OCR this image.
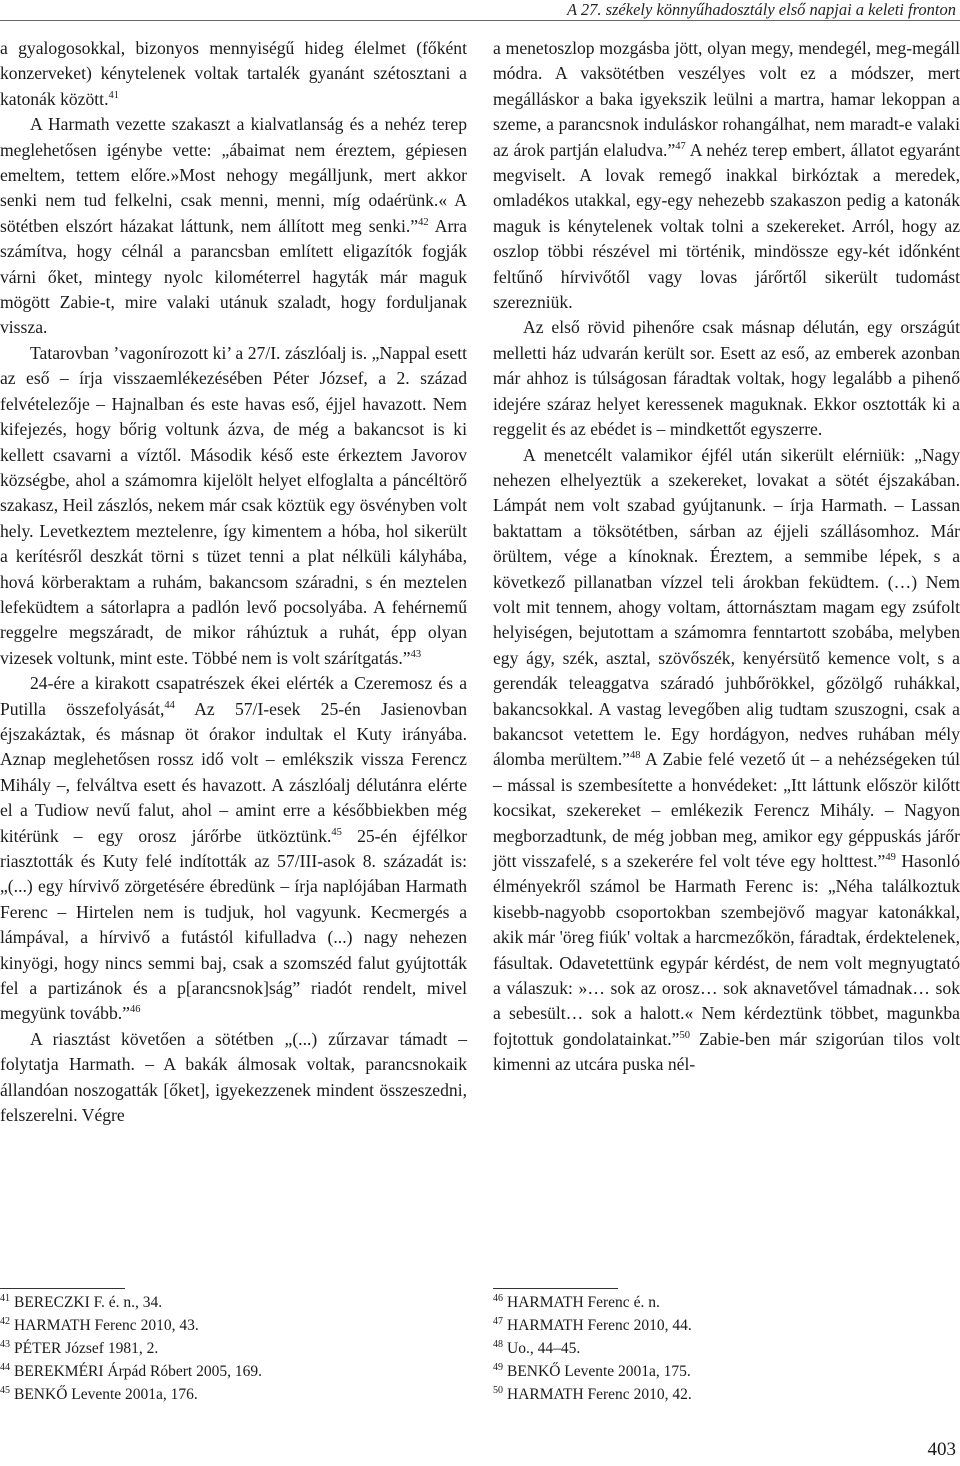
A 27. székely könnyűhadosztály első napjai a keleti fronton

a gyalogosokkal, bizonyos mennyiségű hideg élelmet (főként konzerveket) kénytelenek voltak tartalék gyanánt szétosztani a katonák között.$^{41}$

A Harmath vezette szakaszt a kialvatlanság és a nehéz terep meglehetősen igénybe vette: „ábaimat nem éreztem, gépiesen emeltem, tettem előre.»Most nehogy megálljunk, mert akkor senki nem tud felkelni, csak menni, menni, míg odaérünk.« A sötétben elszórt házakat láttunk, nem állított meg senki.”$^{42}$ Arra számítva, hogy célnál a parancsban említett eligazítók fogják várni őket, mintegy nyolc kilométerrel hagyták már maguk mögött Zabie-t, mire valaki utánuk szaladt, hogy forduljanak vissza.

Tatarovban ’vagonírozott ki’ a 27/I. zászlóalj is. „Nappal esett az eső – írja visszaemlékezésében Péter József, a 2. század felvételezője – Hajnalban és este havas eső, éjjel havazott. Nem kifejezés, hogy bőrig voltunk ázva, de még a bakancsot is ki kellett csavarni a víztől. Második késő este érkeztem Javorov községbe, ahol a számomra kijelölt helyet elfoglalta a páncéltörő szakasz, Heil zászlós, nekem már csak köztük egy ösvényben volt hely. Levetkeztem meztelenre, így kimentem a hóba, hol sikerült a kerítésről deszkát törni s tüzet tenni a plat nélküli kályhába, hová körberaktam a ruhám, bakancsom száradni, s én meztelen lefeküdtem a sátorlapra a padlón levő pocsolyába. A fehérnemű reggelre megszáradt, de mikor ráhúztuk a ruhát, épp olyan vizesek voltunk, mint este. Többé nem is volt szárítgatás.”$^{43}$

24-ére a kirakott csapatrészek ékei elérték a Czeremosz és a Putilla összefolyását,$^{44}$ Az 57/I-esek 25-én Jasienovban éjszakáztak, és másnap öt órakor indultak el Kuty irányába. Aznap meglehetősen rossz idő volt – emlékszik vissza Ferencz Mihály –, felváltva esett és havazott. A zászlóalj délutánra elérte el a Tudiow nevű falut, ahol – amint erre a későbbiekben még kitérünk – egy orosz járőrbe ütköztünk.$^{45}$ 25-én éjfélkor riasztották és Kuty felé indították az 57/III-asok 8. századát is: „(...) egy hírvivő zörgetésére ébredünk – írja naplójában Harmath Ferenc – Hirtelen nem is tudjuk, hol vagyunk. Kecmergés a lámpával, a hírvivő a futástól kifulladva (...) nagy nehezen kinyögi, hogy nincs semmi baj, csak a szomszéd falut gyújtották fel a partizánok és a p[arancsnok]ság” riadót rendelt, mivel megyünk tovább.”$^{46}$

A riasztást követően a sötétben „(...) zűrzavar támadt – folytatja Harmath. – A bakák álmosak voltak, parancsnokaik állandóan noszogatták [őket], igyekezzenek mindent összeszedni, felszerelni. Végre

a menetoszlop mozgásba jött, olyan megy, mendegél, meg-megáll módra. A vaksötétben veszélyes volt ez a módszer, mert megálláskor a baka igyekszik leülni a martra, hamar lekoppan a szeme, a parancsnok induláskor rohangálhat, nem maradt-e valaki az árok partján elaludva.”$^{47}$ A nehéz terep embert, állatot egyaránt megviselt. A lovak remegő inakkal birkóztak a meredek, omladékos utakkal, egy-egy nehezebb szakaszon pedig a katonák maguk is kénytelenek voltak tolni a szekereket. Arról, hogy az oszlop többi részével mi történik, mindössze egy-két időnként feltűnő hírvivőtől vagy lovas járőrtől sikerült tudomást szerezniük.

Az első rövid pihenőre csak másnap délután, egy országút melletti ház udvarán került sor. Esett az eső, az emberek azonban már ahhoz is túlságosan fáradtak voltak, hogy legalább a pihenő idejére száraz helyet keressenek maguknak. Ekkor osztották ki a reggelit és az ebédet is – mindkettőt egyszerre.

A menetcélt valamikor éjfél után sikerült elérniük: „Nagy nehezen elhelyeztük a szekereket, lovakat a sötét éjszakában. Lámpát nem volt szabad gyújtanunk. – írja Harmath. – Lassan baktattam a töksötétben, sárban az éjjeli szállásomhoz. Már örültem, vége a kínoknak. Éreztem, a semmibe lépek, s a következő pillanatban vízzel teli árokban feküdtem. (…) Nem volt mit tennem, ahogy voltam, áttornásztam magam egy zsúfolt helyiségen, bejutottam a számomra fenntartott szobába, melyben egy ágy, szék, asztal, szövőszék, kenyérsütő kemence volt, s a gerendák teleaggatva száradó juhbőrökkel, gőzölgő ruhákkal, bakancsokkal. A vastag levegőben alig tudtam szuszogni, csak a bakancsot vetettem le. Egy hordágyon, nedves ruhában mély álomba merültem.”$^{48}$ A Zabie felé vezető út – a nehézségeken túl – mással is szembesítette a honvédeket: „Itt láttunk először kilőtt kocsikat, szekereket – emlékezik Ferencz Mihály. – Nagyon megborzadtunk, de még jobban meg, amikor egy géppuskás járőr jött visszafelé, s a szekerére fel volt téve egy holttest.”$^{49}$ Hasonló élményekről számol be Harmath Ferenc is: „Néha találkoztuk kisebb-nagyobb csoportokban szembejövő magyar katonákkal, akik már 'öreg fiúk' voltak a harcmezőkön, fáradtak, érdektelenek, fásultak. Odavetettünk egypár kérdést, de nem volt megnyugtató a válaszuk: »… sok az orosz… sok aknavetővel támadnak… sok a sebesült… sok a halott.« Nem kérdeztünk többet, magunkba fojtottuk gondolatainkat.”$^{50}$ Zabie-ben már szigorúan tilos volt kimenni az utcára puska nél-

$^{41}$ BERECZKI F. é. n., 34.
$^{42}$ HARMATH Ferenc 2010, 43.
$^{43}$ PÉTER József 1981, 2.
$^{44}$ BEREKMÉRI Árpád Róbert 2005, 169.
$^{45}$ BENKŐ Levente 2001a, 176.
$^{46}$ HARMATH Ferenc é. n.
$^{47}$ HARMATH Ferenc 2010, 44.
$^{48}$ Uo., 44–45.
$^{49}$ BENKŐ Levente 2001a, 175.
$^{50}$ HARMATH Ferenc 2010, 42.
403
